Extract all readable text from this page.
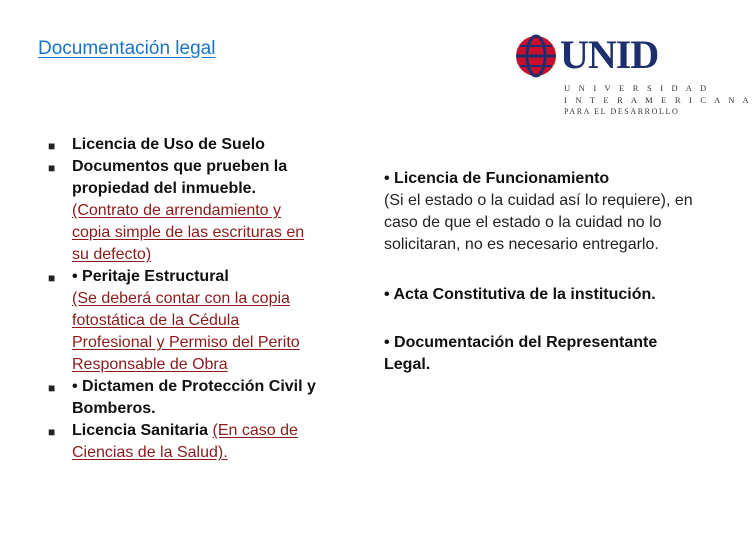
Documentación legal	UNID
U N I V E R S I D A D
I N T E R A M E R I C A N A
PARA EL DESARROLLO
■ Licencia de Uso de Suelo
■ Documentos que prueben la propiedad del inmueble.
(Contrato de arrendamiento y copia simple de las escrituras en su defecto)
■ • Peritaje Estructural
(Se deberá contar con la copia fotostática de la Cédula Profesional y Permiso del Perito Responsable de Obra
■ • Dictamen de Protección Civil y Bomberos.
■ Licencia Sanitaria (En caso de Ciencias de la Salud).
• Licencia de Funcionamiento
(Si el estado o la cuidad así lo requiere), en caso de que el estado o la cuidad no lo solicitaran, no es necesario entregarlo.
• Acta Constitutiva de la institución.
• Documentación del Representante Legal.
